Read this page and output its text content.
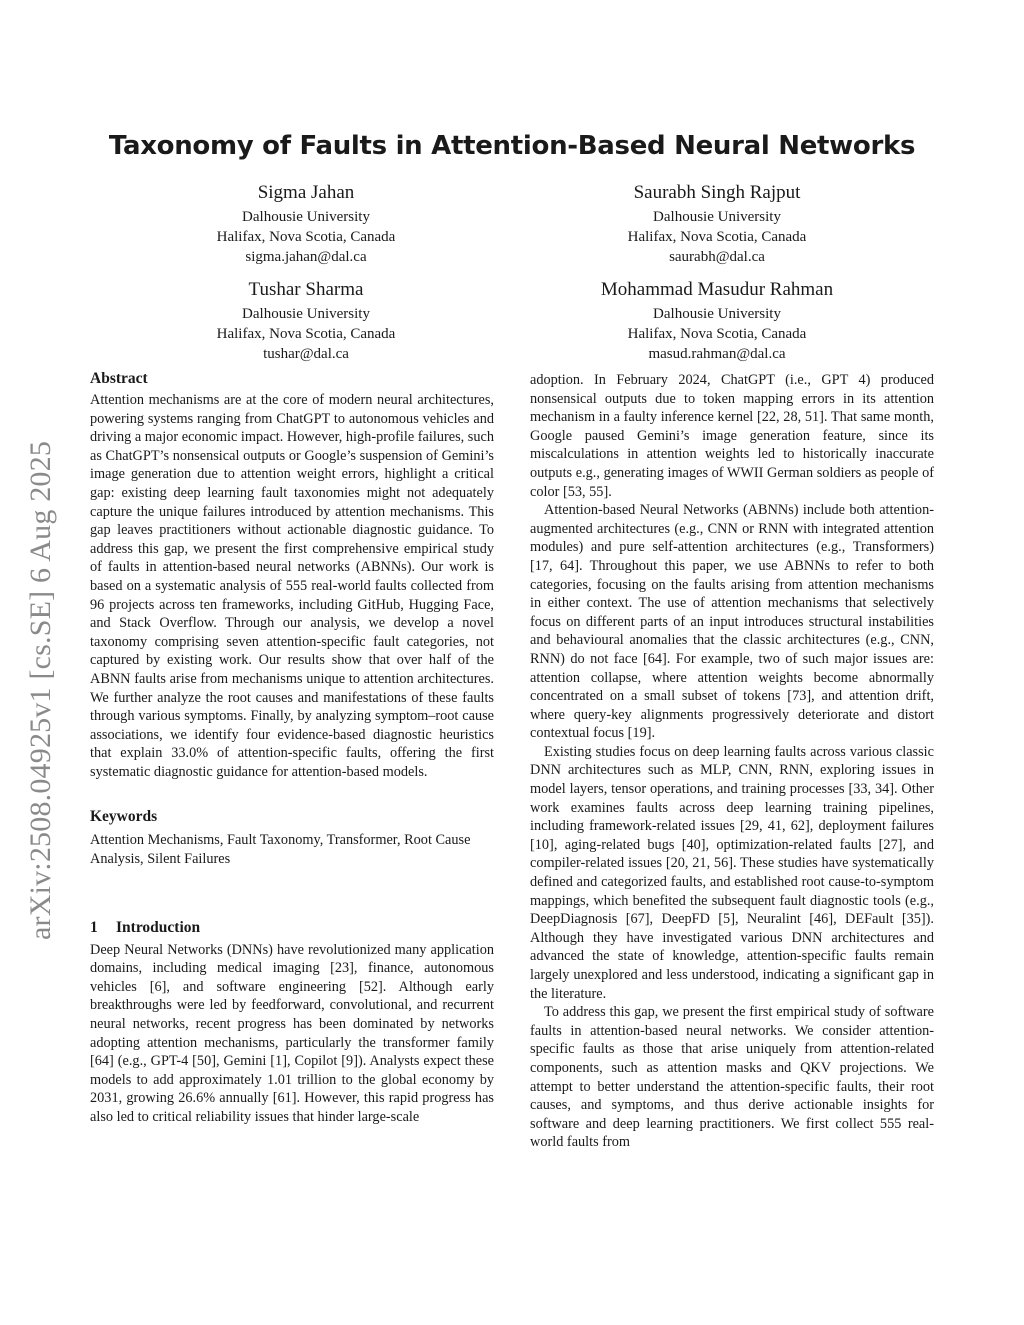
arXiv:2508.04925v1 [cs.SE] 6 Aug 2025
Taxonomy of Faults in Attention-Based Neural Networks
Sigma Jahan
Dalhousie University
Halifax, Nova Scotia, Canada
sigma.jahan@dal.ca
Saurabh Singh Rajput
Dalhousie University
Halifax, Nova Scotia, Canada
saurabh@dal.ca
Tushar Sharma
Dalhousie University
Halifax, Nova Scotia, Canada
tushar@dal.ca
Mohammad Masudur Rahman
Dalhousie University
Halifax, Nova Scotia, Canada
masud.rahman@dal.ca
Abstract

Attention mechanisms are at the core of modern neural architectures, powering systems ranging from ChatGPT to autonomous vehicles and driving a major economic impact. However, high-profile failures, such as ChatGPT’s nonsensical outputs or Google’s suspension of Gemini’s image generation due to attention weight errors, highlight a critical gap: existing deep learning fault taxonomies might not adequately capture the unique failures introduced by attention mechanisms. This gap leaves practitioners without actionable diagnostic guidance. To address this gap, we present the first comprehensive empirical study of faults in attention-based neural networks (ABNNs). Our work is based on a systematic analysis of 555 real-world faults collected from 96 projects across ten frameworks, including GitHub, Hugging Face, and Stack Overflow. Through our analysis, we develop a novel taxonomy comprising seven attention-specific fault categories, not captured by existing work. Our results show that over half of the ABNN faults arise from mechanisms unique to attention architectures. We further analyze the root causes and manifestations of these faults through various symptoms. Finally, by analyzing symptom–root cause associations, we identify four evidence-based diagnostic heuristics that explain 33.0% of attention-specific faults, offering the first systematic diagnostic guidance for attention-based models.

Keywords

Attention Mechanisms, Fault Taxonomy, Transformer, Root Cause Analysis, Silent Failures

1 Introduction

Deep Neural Networks (DNNs) have revolutionized many application domains, including medical imaging [23], finance, autonomous vehicles [6], and software engineering [52]. Although early breakthroughs were led by feedforward, convolutional, and recurrent neural networks, recent progress has been dominated by networks adopting attention mechanisms, particularly the transformer family [64] (e.g., GPT-4 [50], Gemini [1], Copilot [9]). Analysts expect these models to add approximately 1.01 trillion to the global economy by 2031, growing 26.6% annually [61]. However, this rapid progress has also led to critical reliability issues that hinder large-scale

adoption. In February 2024, ChatGPT (i.e., GPT 4) produced nonsensical outputs due to token mapping errors in its attention mechanism in a faulty inference kernel [22, 28, 51]. That same month, Google paused Gemini’s image generation feature, since its miscalculations in attention weights led to historically inaccurate outputs e.g., generating images of WWII German soldiers as people of color [53, 55].

Attention-based Neural Networks (ABNNs) include both attention-augmented architectures (e.g., CNN or RNN with integrated attention modules) and pure self-attention architectures (e.g., Transformers) [17, 64]. Throughout this paper, we use ABNNs to refer to both categories, focusing on the faults arising from attention mechanisms in either context. The use of attention mechanisms that selectively focus on different parts of an input introduces structural instabilities and behavioural anomalies that the classic architectures (e.g., CNN, RNN) do not face [64]. For example, two of such major issues are: attention collapse, where attention weights become abnormally concentrated on a small subset of tokens [73], and attention drift, where query-key alignments progressively deteriorate and distort contextual focus [19].

Existing studies focus on deep learning faults across various classic DNN architectures such as MLP, CNN, RNN, exploring issues in model layers, tensor operations, and training processes [33, 34]. Other work examines faults across deep learning training pipelines, including framework-related issues [29, 41, 62], deployment failures [10], aging-related bugs [40], optimization-related faults [27], and compiler-related issues [20, 21, 56]. These studies have systematically defined and categorized faults, and established root cause-to-symptom mappings, which benefited the subsequent fault diagnostic tools (e.g., DeepDiagnosis [67], DeepFD [5], Neuralint [46], DEFault [35]). Although they have investigated various DNN architectures and advanced the state of knowledge, attention-specific faults remain largely unexplored and less understood, indicating a significant gap in the literature.

To address this gap, we present the first empirical study of software faults in attention-based neural networks. We consider attention-specific faults as those that arise uniquely from attention-related components, such as attention masks and QKV projections. We attempt to better understand the attention-specific faults, their root causes, and symptoms, and thus derive actionable insights for software and deep learning practitioners. We first collect 555 real-world faults from
